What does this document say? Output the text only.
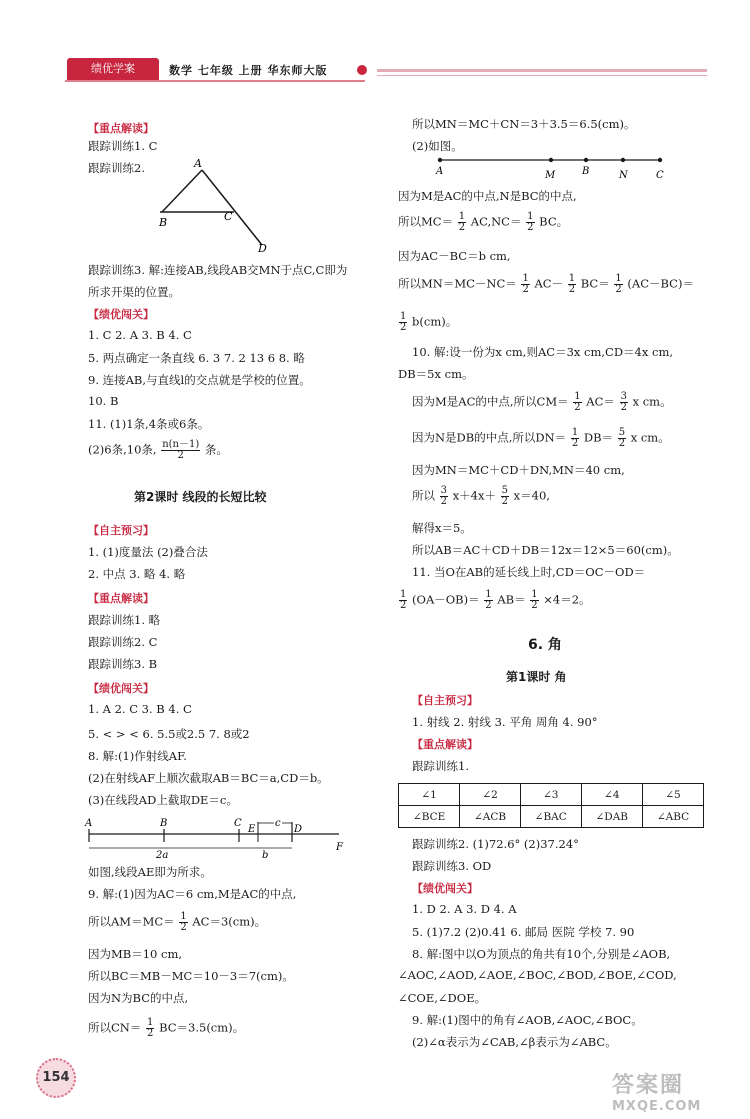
绩优学案	数学 七年级 上册 华东师大版
【重点解读】
跟踪训练1. C
跟踪训练2.	A
B	C
D
跟踪训练3. 解:连接AB,线段AB交MN于点C,C即为
所求开渠的位置。
【绩优闯关】
1. C 2. A 3. B 4. C
5. 两点确定一条直线 6. 3 7. 2 13 6 8. 略
9. 连接AB,与直线l的交点就是学校的位置。
10. B
11. (1)1条,4条或6条。
(2)6条,10条, $\frac{n(n-1)}{2}$ 条。
第2课时 线段的长短比较
【自主预习】
1. (1)度量法 (2)叠合法
2. 中点 3. 略 4. 略
【重点解读】
跟踪训练1. 略
跟踪训练2. C
跟踪训练3. B
【绩优闯关】
1. A 2. C 3. B 4. C
5. < > < 6. 5.5或2.5 7. 8或2
8. 解:(1)作射线AF.
(2)在射线AF上顺次截取AB＝BC＝a,CD＝b。
(3)在线段AD上截取DE＝c。
A	B	C
E
c
D
2a	b
F
如图,线段AE即为所求。
9. 解:(1)因为AC＝6 cm,M是AC的中点,
所以$AM=MC= \frac{1}{2} AC=3(cm)$。
因为MB＝10 cm,
所以BC＝MB－MC＝10－3＝7(cm)。
因为N为BC的中点,
所以$CN= \frac{1}{2} BC=3.5(cm)$。
所以MN＝MC＋CN＝3＋3.5＝6.5(cm)。
(2)如图。
A	M	B	N	C
因为M是AC的中点,N是BC的中点,
所以$MC= \frac{1}{2} AC,NC= \frac{1}{2}$ BC。
因为AC－BC＝b cm,
所以$MN=MC-NC= \frac{1}{2} AC- \frac{1}{2} BC= \frac{1}{2} (AC-BC)=$
$\frac{1}{2} b(cm)$。
10. 解:设一份为x cm,则AC＝3x cm,CD＝4x cm,
DB＝5x cm。
因为M是AC的中点,所以$CM= \frac{1}{2} AC= \frac{3}{2}$ x cm。
因为N是DB的中点,所以$DN= \frac{1}{2} DB= \frac{5}{2}$ x cm。
因为MN＝MC＋CD＋DN,MN＝40 cm,
所以 $\frac{3}{2} x+4x+ \frac{5}{2} x=40$,
解得x＝5。
所以AB＝AC＋CD＋DB＝12x＝12×5＝60(cm)。
11. 当O在AB的延长线上时,CD＝OC－OD＝
$\frac{1}{2} (OA-OB)= \frac{1}{2} AB= \frac{1}{2} \times 4=2$。
6. 角
第1课时 角
【自主预习】
1. 射线 2. 射线 3. 平角 周角 4. 90°
【重点解读】
跟踪训练1.
∠1	∠2	∠3	∠4	∠5
∠BCE	∠ACB	∠BAC	∠DAB	∠ABC
跟踪训练2. (1)72.6° (2)37.24°
跟踪训练3. OD
【绩优闯关】
1. D 2. A 3. D 4. A
5. (1)7.2 (2)0.41 6. 邮局 医院 学校 7. 90
8. 解:图中以O为顶点的角共有10个,分别是∠AOB,
∠AOC,∠AOD,∠AOE,∠BOC,∠BOD,∠BOE,∠COD,
∠COE,∠DOE。
9. 解:(1)图中的角有∠AOB,∠AOC,∠BOC。
(2)∠α表示为∠CAB,∠β表示为∠ABC。
154	答案圈
MXQE.COM
